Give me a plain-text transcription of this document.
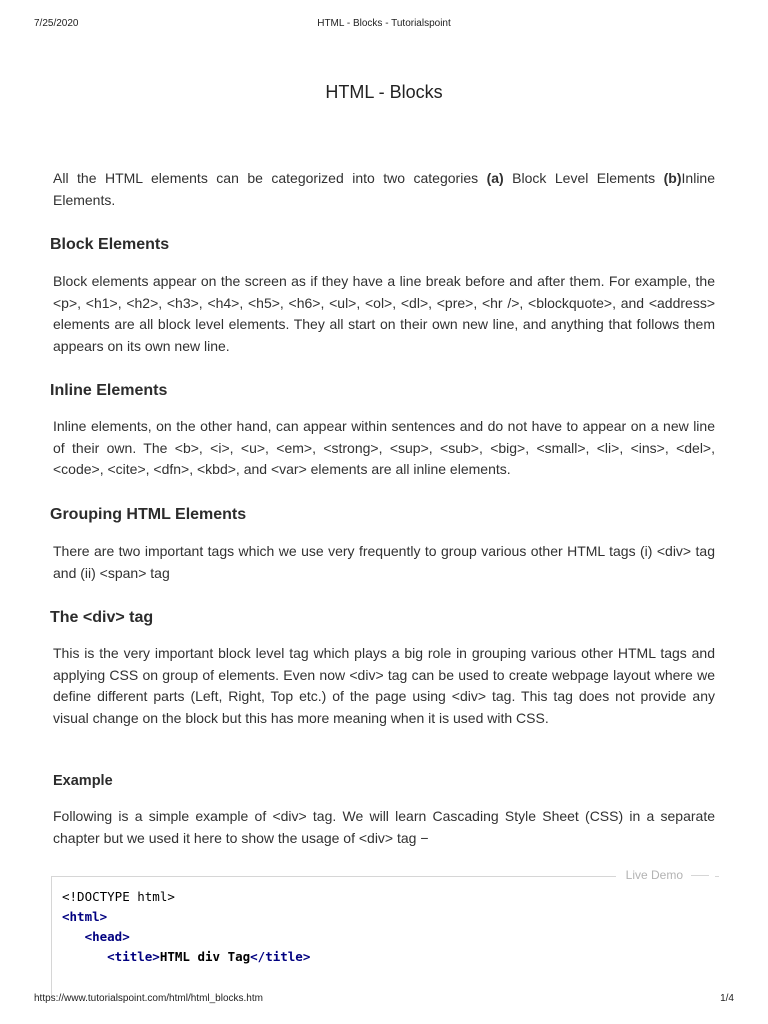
7/25/2020	HTML - Blocks - Tutorialspoint
HTML - Blocks

All the HTML elements can be categorized into two categories (a) Block Level Elements (b)Inline Elements.

Block Elements

Block elements appear on the screen as if they have a line break before and after them. For example, the <p>, <h1>, <h2>, <h3>, <h4>, <h5>, <h6>, <ul>, <ol>, <dl>, <pre>, <hr />, <blockquote>, and <address> elements are all block level elements. They all start on their own new line, and anything that follows them appears on its own new line.

Inline Elements

Inline elements, on the other hand, can appear within sentences and do not have to appear on a new line of their own. The <b>, <i>, <u>, <em>, <strong>, <sup>, <sub>, <big>, <small>, <li>, <ins>, <del>, <code>, <cite>, <dfn>, <kbd>, and <var> elements are all inline elements.

Grouping HTML Elements

There are two important tags which we use very frequently to group various other HTML tags (i) <div> tag and (ii) <span> tag

The <div> tag

This is the very important block level tag which plays a big role in grouping various other HTML tags and applying CSS on group of elements. Even now <div> tag can be used to create webpage layout where we define different parts (Left, Right, Top etc.) of the page using <div> tag. This tag does not provide any visual change on the block but this has more meaning when it is used with CSS.

Example

Following is a simple example of <div> tag. We will learn Cascading Style Sheet (CSS) in a separate chapter but we used it here to show the usage of <div> tag −

Live Demo
<!DOCTYPE html>
<html>
<head>
<title>HTML div Tag</title>
https://www.tutorialspoint.com/html/html_blocks.htm	1/4
